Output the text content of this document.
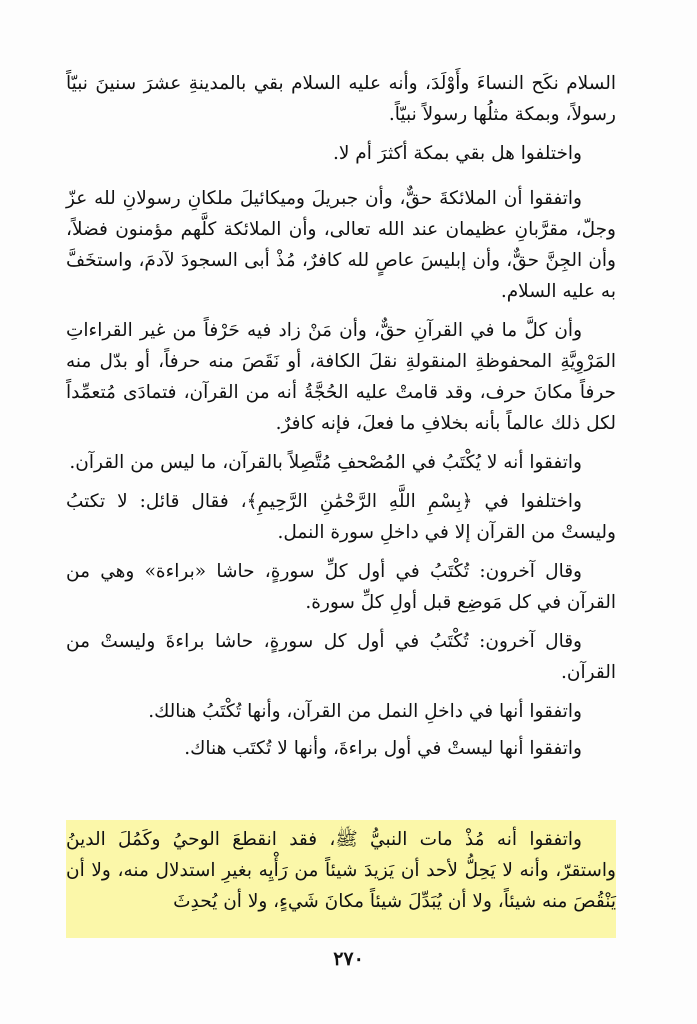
السلام نكَح النساءَ وأَوْلَدَ، وأنه عليه السلام بقي بالمدينةِ عشرَ سنينَ نبيّاً رسولاً، وبمكة مثلُها رسولاً نبيّاً.

واختلفوا هل بقي بمكة أكثرَ أم لا.

واتفقوا أن الملائكةَ حقٌّ، وأن جبريلَ وميكائيلَ ملكانِ رسولانِ لله عزّ وجلّ، مقرَّبانِ عظيمان عند الله تعالى، وأن الملائكة كلَّهم مؤمنون فضلاً، وأن الجِنَّ حقٌّ، وأن إبليسَ عاصٍ لله كافرٌ، مُذْ أبى السجودَ لآدمَ، واستخَفَّ به عليه السلام.

وأن كلَّ ما في القرآنِ حقٌّ، وأن مَنْ زاد فيه حَرْفاً من غير القراءاتِ المَرْوِيَّةِ المحفوظةِ المنقولةِ نقلَ الكافة، أو نَقَصَ منه حرفاً، أو بدّل منه حرفاً مكانَ حرف، وقد قامتْ عليه الحُجَّةُ أنه من القرآن، فتمادَى مُتعمِّداً لكل ذلك عالماً بأنه بخلافِ ما فعلَ، فإنه كافرٌ.

واتفقوا أنه لا يُكْتَبُ في المُصْحفِ مُتَّصِلاً بالقرآن، ما ليس من القرآن.

واختلفوا في ﴿بِسْمِ اللَّهِ الرَّحْمَٰنِ الرَّحِيمِ﴾، فقال قائل: لا تكتبُ وليستْ من القرآن إلا في داخلِ سورة النمل.

وقال آخرون: تُكْتَبُ في أول كلِّ سورةٍ، حاشا «براءة» وهي من القرآن في كل مَوضِع قبل أولِ كلِّ سورة.

وقال آخرون: تُكْتَبُ في أول كل سورةٍ، حاشا براءةَ وليستْ من القرآن.

واتفقوا أنها في داخلِ النمل من القرآن، وأنها تُكْتَبُ هنالك.

واتفقوا أنها ليستْ في أول براءةَ، وأنها لا تُكتَب هناك.

واتفقوا أنه مُذْ مات النبيُّ ﷺ، فقد انقطعَ الوحيُ وكَمُلَ الدينُ واستقرّ، وأنه لا يَحِلُّ لأحد أن يَزيدَ شيئاً من رَأْيِه بغيرِ استدلال منه، ولا أن يَنْقُصَ منه شيئاً، ولا أن يُبَدِّلَ شيئاً مكانَ شَيءٍ، ولا أن يُحدِثَ

٢٧٠
